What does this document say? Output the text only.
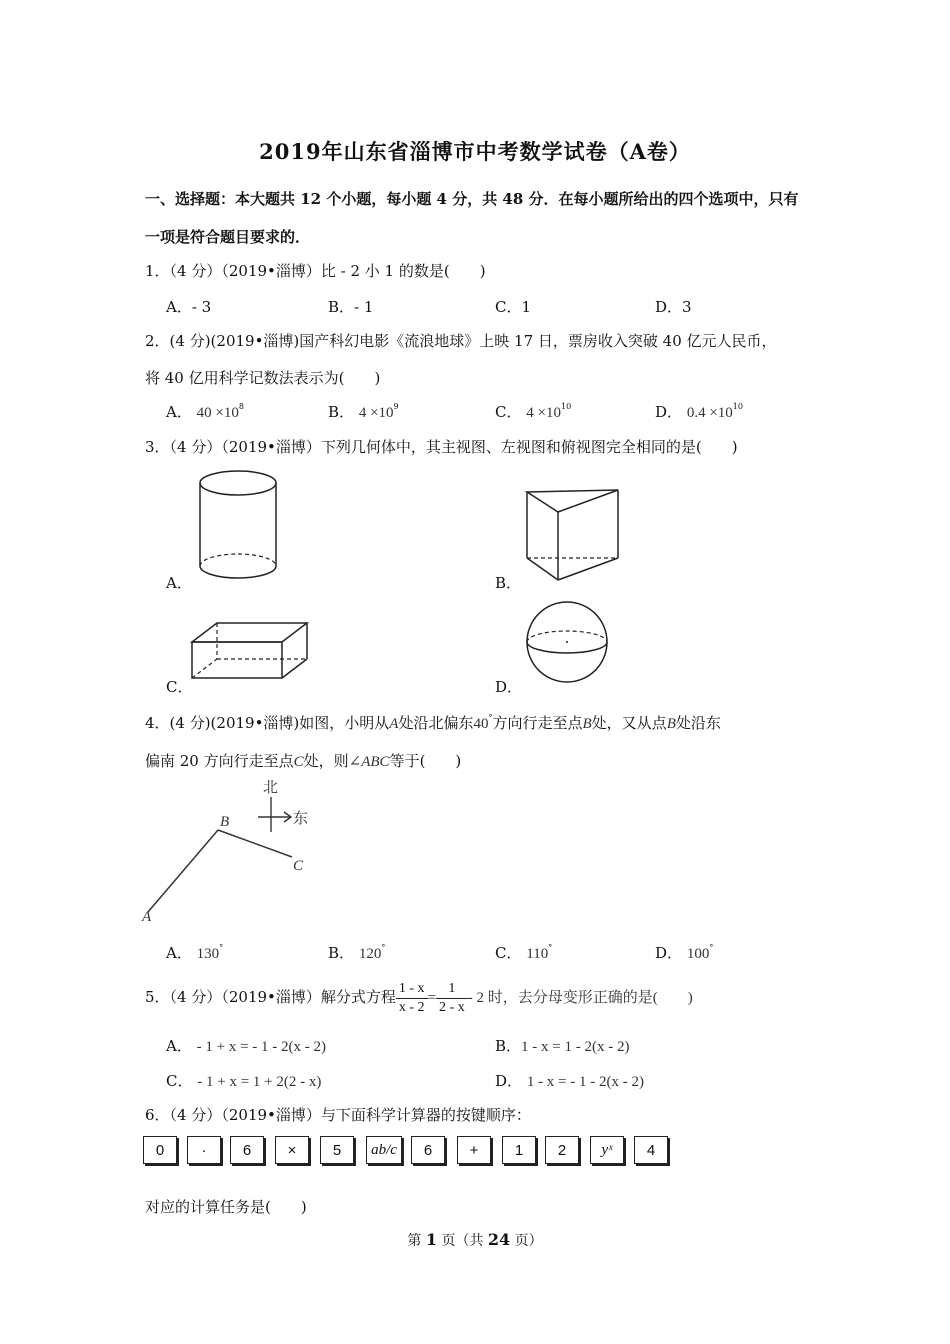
2019年山东省淄博市中考数学试卷（A卷）
一、选择题：本大题共 12 个小题，每小题 4 分，共 48 分．在每小题所给出的四个选项中，只有
一项是符合题目要求的．
1．（4 分）（2019•淄博）比 - 2 小 1 的数是(　　)
A．- 3	B．- 1	C．1	D．3
2．(4 分)(2019•淄博)国产科幻电影《流浪地球》上映 17 日，票房收入突破 40 亿元人民币，
将 40 亿用科学记数法表示为(　　)
A． $40 \times 10^8$	B． $4 \times 10^9$	C． $4 \times 10^{10}$	D． $0.4 \times 10^{10}$
3．（4 分）（2019•淄博）下列几何体中，其主视图、左视图和俯视图完全相同的是(　　)
A．	B．
C．	D．
4．(4 分)(2019•淄博)如图，小明从A处沿北偏东40°方向行走至点B处，又从点B处沿东
偏南 20 方向行走至点C处，则∠ABC等于(　　)
北
东
A
B
C
A． 130°	B． 120°	C． 110°	D． 100°
5．（4 分）（2019•淄博）解分式方程 $\frac{1 - x}{x - 2} = \frac{1}{2 - x} - 2$ 时，去分母变形正确的是(　　)
A． - 1 + x = - 1 - 2(x - 2)	B．1 - x = 1 - 2(x - 2)
C． - 1 + x = 1 + 2(2 - x)	D． 1 - x = - 1 - 2(x - 2)
6．（4 分）（2019•淄博）与下面科学计算器的按键顺序：
0	·	6	×	5	ab/c	6	+	1	2	yˣ	4
对应的计算任务是(　　)
第 1 页（共 24 页）
